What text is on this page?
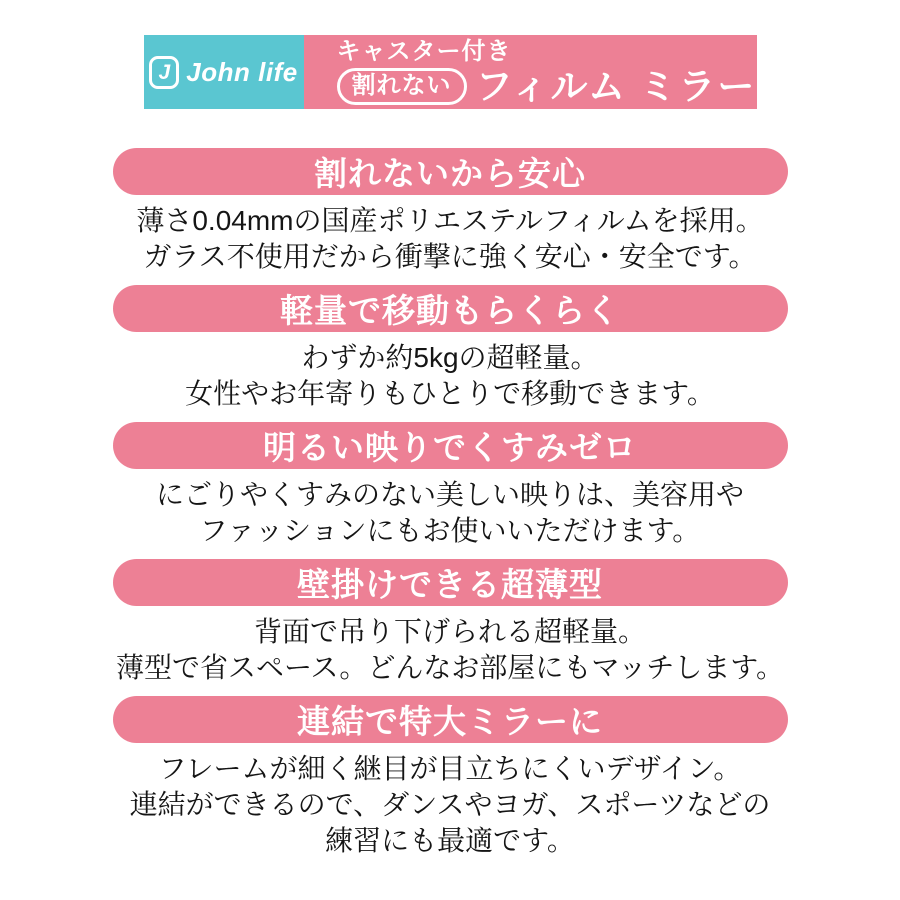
J John life
キャスター付き
割れない フィルム ミラー
割れないから安心

薄さ0.04mmの国産ポリエステルフィルムを採用。
ガラス不使用だから衝撃に強く安心・安全です。

軽量で移動もらくらく

わずか約5kgの超軽量。
女性やお年寄りもひとりで移動できます。

明るい映りでくすみゼロ

にごりやくすみのない美しい映りは、美容用や
ファッションにもお使いいただけます。

壁掛けできる超薄型

背面で吊り下げられる超軽量。
薄型で省スペース。どんなお部屋にもマッチします。

連結で特大ミラーに

フレームが細く継目が目立ちにくいデザイン。
連結ができるので、ダンスやヨガ、スポーツなどの
練習にも最適です。
